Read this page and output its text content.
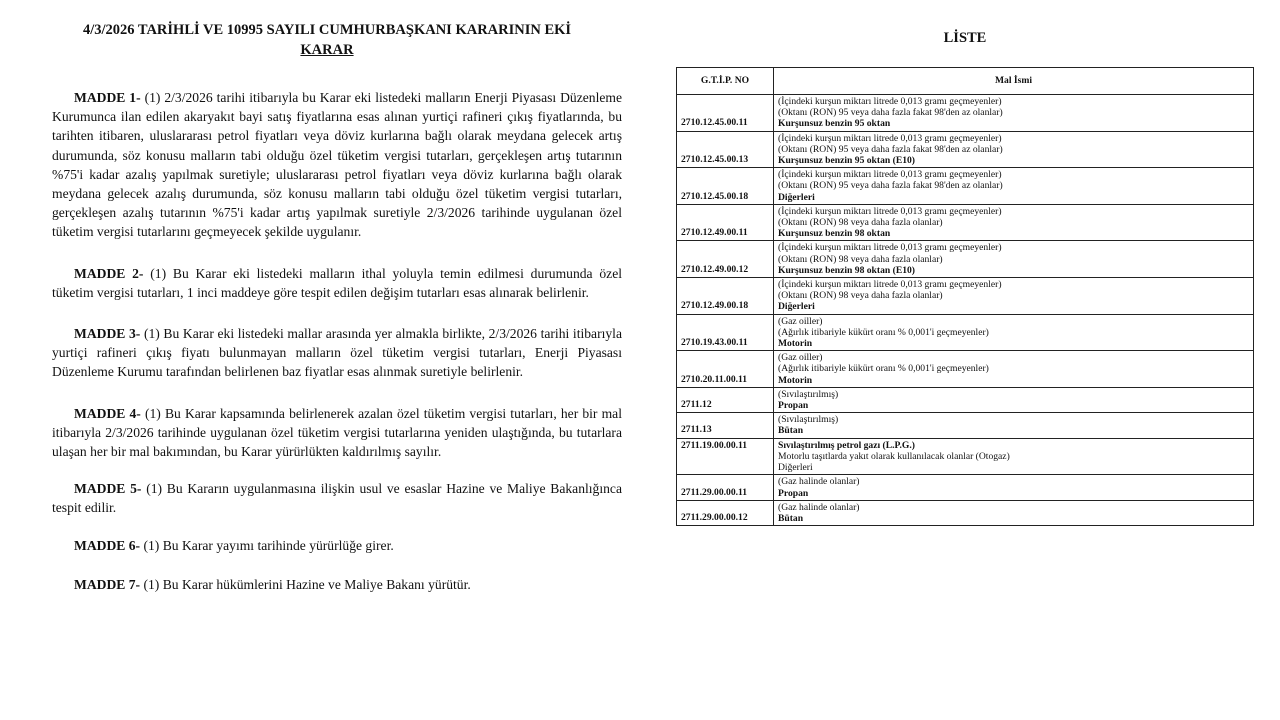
4/3/2026 TARİHLİ VE 10995 SAYILI CUMHURBAŞKANI KARARININ EKİ
KARAR

MADDE 1- (1) 2/3/2026 tarihi itibarıyla bu Karar eki listedeki malların Enerji Piyasası Düzenleme Kurumunca ilan edilen akaryakıt bayi satış fiyatlarına esas alınan yurtiçi rafineri çıkış fiyatlarında, bu tarihten itibaren, uluslararası petrol fiyatları veya döviz kurlarına bağlı olarak meydana gelecek artış durumunda, söz konusu malların tabi olduğu özel tüketim vergisi tutarları, gerçekleşen artış tutarının %75'i kadar azalış yapılmak suretiyle; uluslararası petrol fiyatları veya döviz kurlarına bağlı olarak meydana gelecek azalış durumunda, söz konusu malların tabi olduğu özel tüketim vergisi tutarları, gerçekleşen azalış tutarının %75'i kadar artış yapılmak suretiyle 2/3/2026 tarihinde uygulanan özel tüketim vergisi tutarlarını geçmeyecek şekilde uygulanır.

MADDE 2- (1) Bu Karar eki listedeki malların ithal yoluyla temin edilmesi durumunda özel tüketim vergisi tutarları, 1 inci maddeye göre tespit edilen değişim tutarları esas alınarak belirlenir.

MADDE 3- (1) Bu Karar eki listedeki mallar arasında yer almakla birlikte, 2/3/2026 tarihi itibarıyla yurtiçi rafineri çıkış fiyatı bulunmayan malların özel tüketim vergisi tutarları, Enerji Piyasası Düzenleme Kurumu tarafından belirlenen baz fiyatlar esas alınmak suretiyle belirlenir.

MADDE 4- (1) Bu Karar kapsamında belirlenerek azalan özel tüketim vergisi tutarları, her bir mal itibarıyla 2/3/2026 tarihinde uygulanan özel tüketim vergisi tutarlarına yeniden ulaştığında, bu tutarlara ulaşan her bir mal bakımından, bu Karar yürürlükten kaldırılmış sayılır.

MADDE 5- (1) Bu Kararın uygulanmasına ilişkin usul ve esaslar Hazine ve Maliye Bakanlığınca tespit edilir.

MADDE 6- (1) Bu Karar yayımı tarihinde yürürlüğe girer.

MADDE 7- (1) Bu Karar hükümlerini Hazine ve Maliye Bakanı yürütür.

LİSTE

G.T.İ.P. NO	Mal İsmi
2710.12.45.00.11	(İçindeki kurşun miktarı litrede 0,013 gramı geçmeyenler)
(Oktanı (RON) 95 veya daha fazla fakat 98'den az olanlar)
Kurşunsuz benzin 95 oktan

2710.12.45.00.13	(İçindeki kurşun miktarı litrede 0,013 gramı geçmeyenler)
(Oktanı (RON) 95 veya daha fazla fakat 98'den az olanlar)
Kurşunsuz benzin 95 oktan (E10)

2710.12.45.00.18	(İçindeki kurşun miktarı litrede 0,013 gramı geçmeyenler)
(Oktanı (RON) 95 veya daha fazla fakat 98'den az olanlar)
Diğerleri

2710.12.49.00.11	(İçindeki kurşun miktarı litrede 0,013 gramı geçmeyenler)
(Oktanı (RON) 98 veya daha fazla olanlar)
Kurşunsuz benzin 98 oktan

2710.12.49.00.12	(İçindeki kurşun miktarı litrede 0,013 gramı geçmeyenler)
(Oktanı (RON) 98 veya daha fazla olanlar)
Kurşunsuz benzin 98 oktan (E10)

2710.12.49.00.18	(İçindeki kurşun miktarı litrede 0,013 gramı geçmeyenler)
(Oktanı (RON) 98 veya daha fazla olanlar)
Diğerleri

2710.19.43.00.11	(Gaz oiller)
(Ağırlık itibariyle kükürt oranı % 0,001'i geçmeyenler)
Motorin

2710.20.11.00.11	(Gaz oiller)
(Ağırlık itibariyle kükürt oranı % 0,001'i geçmeyenler)
Motorin

2711.12	(Sıvılaştırılmış)
Propan

2711.13	(Sıvılaştırılmış)
Bütan

2711.19.00.00.11	Sıvılaştırılmış petrol gazı (L.P.G.)
Motorlu taşıtlarda yakıt olarak kullanılacak olanlar (Otogaz)
Diğerleri

2711.29.00.00.11	(Gaz halinde olanlar)
Propan

2711.29.00.00.12	(Gaz halinde olanlar)
Bütan
